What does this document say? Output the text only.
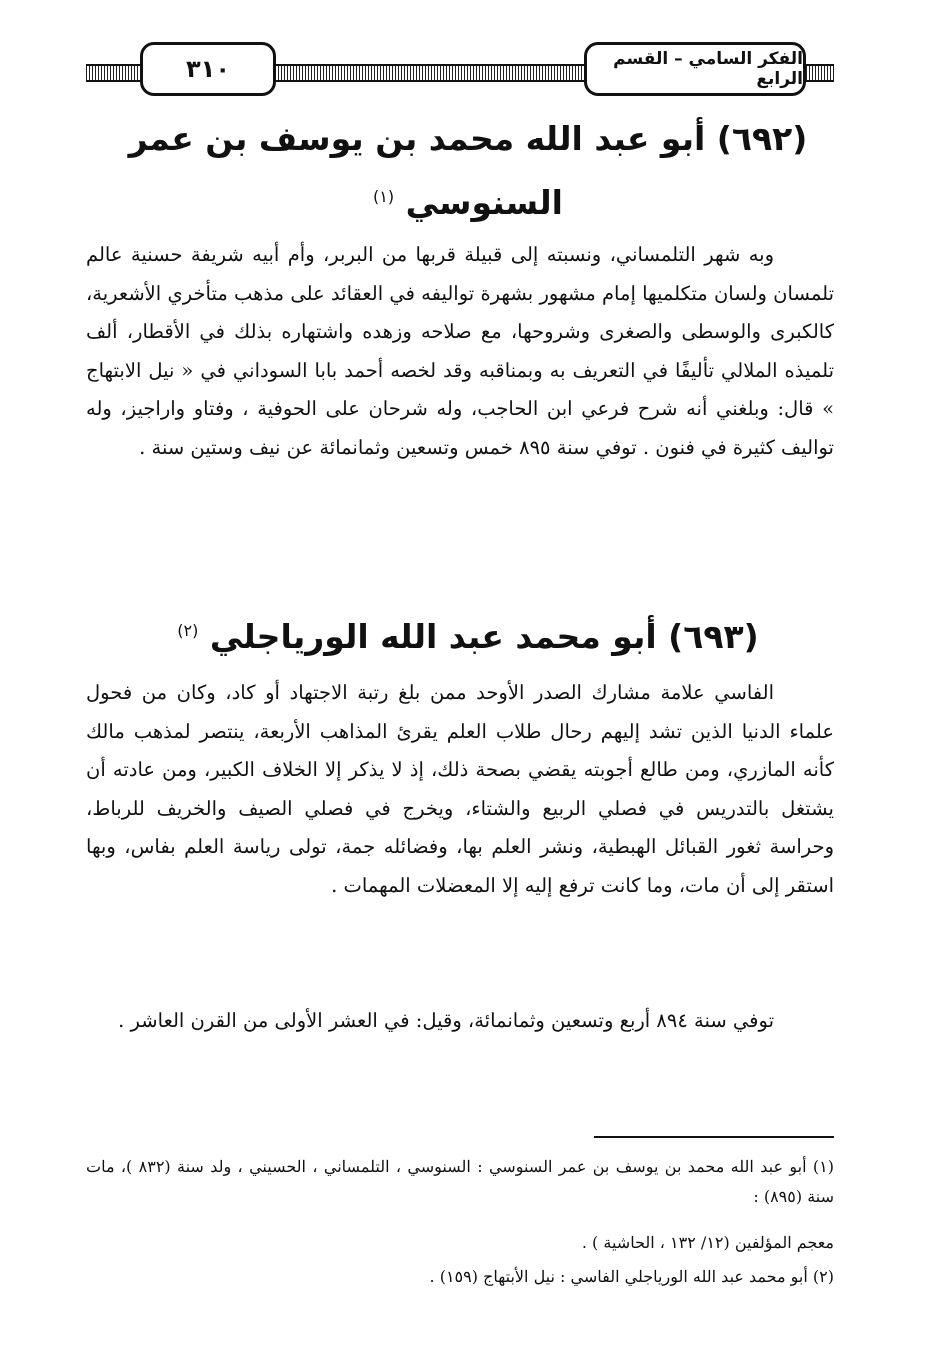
الفكر السامي – القسم الرابع
٣١٠
(٦٩٢) أبو عبد الله محمد بن يوسف بن عمر السنوسي $^{(١)}$

وبه شهر التلمساني، ونسبته إلى قبيلة قربها من البربر، وأم أبيه شريفة حسنية عالم تلمسان ولسان متكلميها إمام مشهور بشهرة تواليفه في العقائد على مذهب متأخري الأشعرية، كالكبرى والوسطى والصغرى وشروحها، مع صلاحه وزهده واشتهاره بذلك في الأقطار، ألف تلميذه الملالي تأليفًا في التعريف به وبمناقبه وقد لخصه أحمد بابا السوداني في « نيل الابتهاج » قال: وبلغني أنه شرح فرعي ابن الحاجب، وله شرحان على الحوفية ، وفتاو واراجيز، وله تواليف كثيرة في فنون . توفي سنة ٨٩٥ خمس وتسعين وثمانمائة عن نيف وستين سنة .

(٦٩٣) أبو محمد عبد الله الورياجلي $^{(٢)}$

الفاسي علامة مشارك الصدر الأوحد ممن بلغ رتبة الاجتهاد أو كاد، وكان من فحول علماء الدنيا الذين تشد إليهم رحال طلاب العلم يقرئ المذاهب الأربعة، ينتصر لمذهب مالك كأنه المازري، ومن طالع أجوبته يقضي بصحة ذلك، إذ لا يذكر إلا الخلاف الكبير، ومن عادته أن يشتغل بالتدريس في فصلي الربيع والشتاء، ويخرج في فصلي الصيف والخريف للرباط، وحراسة ثغور القبائل الهبطية، ونشر العلم بها، وفضائله جمة، تولى رياسة العلم بفاس، وبها استقر إلى أن مات، وما كانت ترفع إليه إلا المعضلات المهمات .

توفي سنة ٨٩٤ أربع وتسعين وثمانمائة، وقيل: في العشر الأولى من القرن العاشر .

(١) أبو عبد الله محمد بن يوسف بن عمر السنوسي : السنوسي ، التلمساني ، الحسيني ، ولد سنة (٨٣٢ )، مات سنة (٨٩٥) :

معجم المؤلفين (١٢/ ١٣٢ ، الحاشية ) .

(٢) أبو محمد عبد الله الورياجلي الفاسي : نيل الأبتهاج (١٥٩) .
